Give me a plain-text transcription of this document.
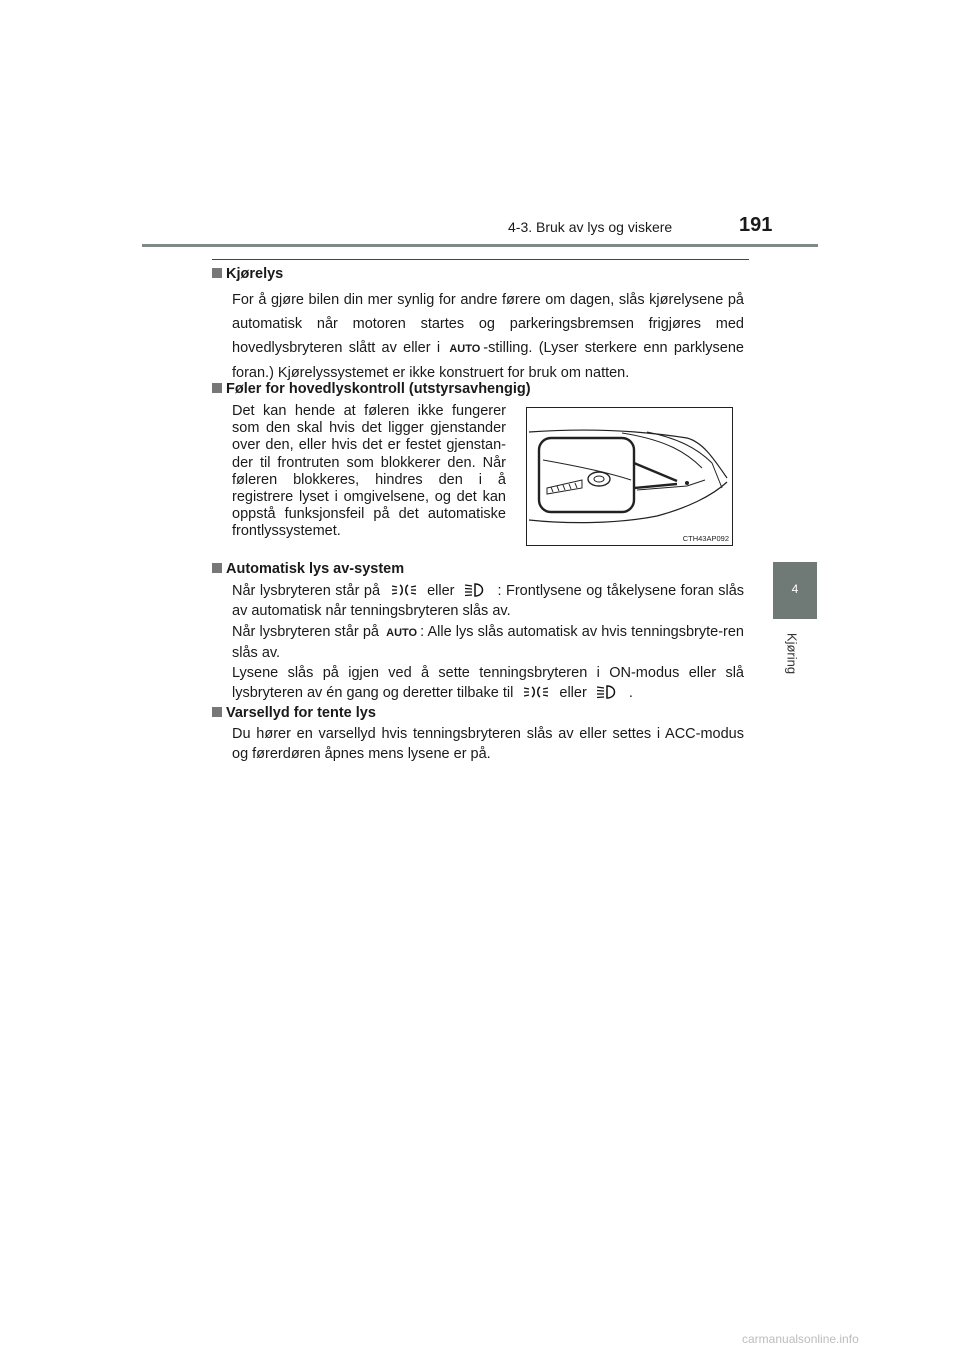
4-3. Bruk av lys og viskere	191
4
Kjøring
Kjørelys
For å gjøre bilen din mer synlig for andre førere om dagen, slås kjørelysene på automatisk når motoren startes og parkeringsbremsen frigjøres med hovedlysbryteren slått av eller i AUTO -stilling. (Lyser sterkere enn parklysene foran.) Kjørelyssystemet er ikke konstruert for bruk om natten.
Føler for hovedlyskontroll (utstyrsavhengig)
Det kan hende at føleren ikke fungerer som den skal hvis det ligger gjenstander over den, eller hvis det er festet gjenstan-der til frontruten som blokkerer den. Når føleren blokkeres, hindres den i å registrere lyset i omgivelsene, og det kan oppstå funksjonsfeil på det automatiske frontlyssystemet.	CTH43AP092
Automatisk lys av-system
Når lysbryteren står på	eller	: Frontlysene og tåkelysene foran slås av automatisk når tenningsbryteren slås av.
Når lysbryteren står på AUTO : Alle lys slås automatisk av hvis tenningsbryte-ren slås av.
Lysene slås på igjen ved å sette tenningsbryteren i ON-modus eller slå lysbryteren av én gang og deretter tilbake til	eller	.
Varsellyd for tente lys
Du hører en varsellyd hvis tenningsbryteren slås av eller settes i ACC-modus og førerdøren åpnes mens lysene er på.
carmanualsonline.info
